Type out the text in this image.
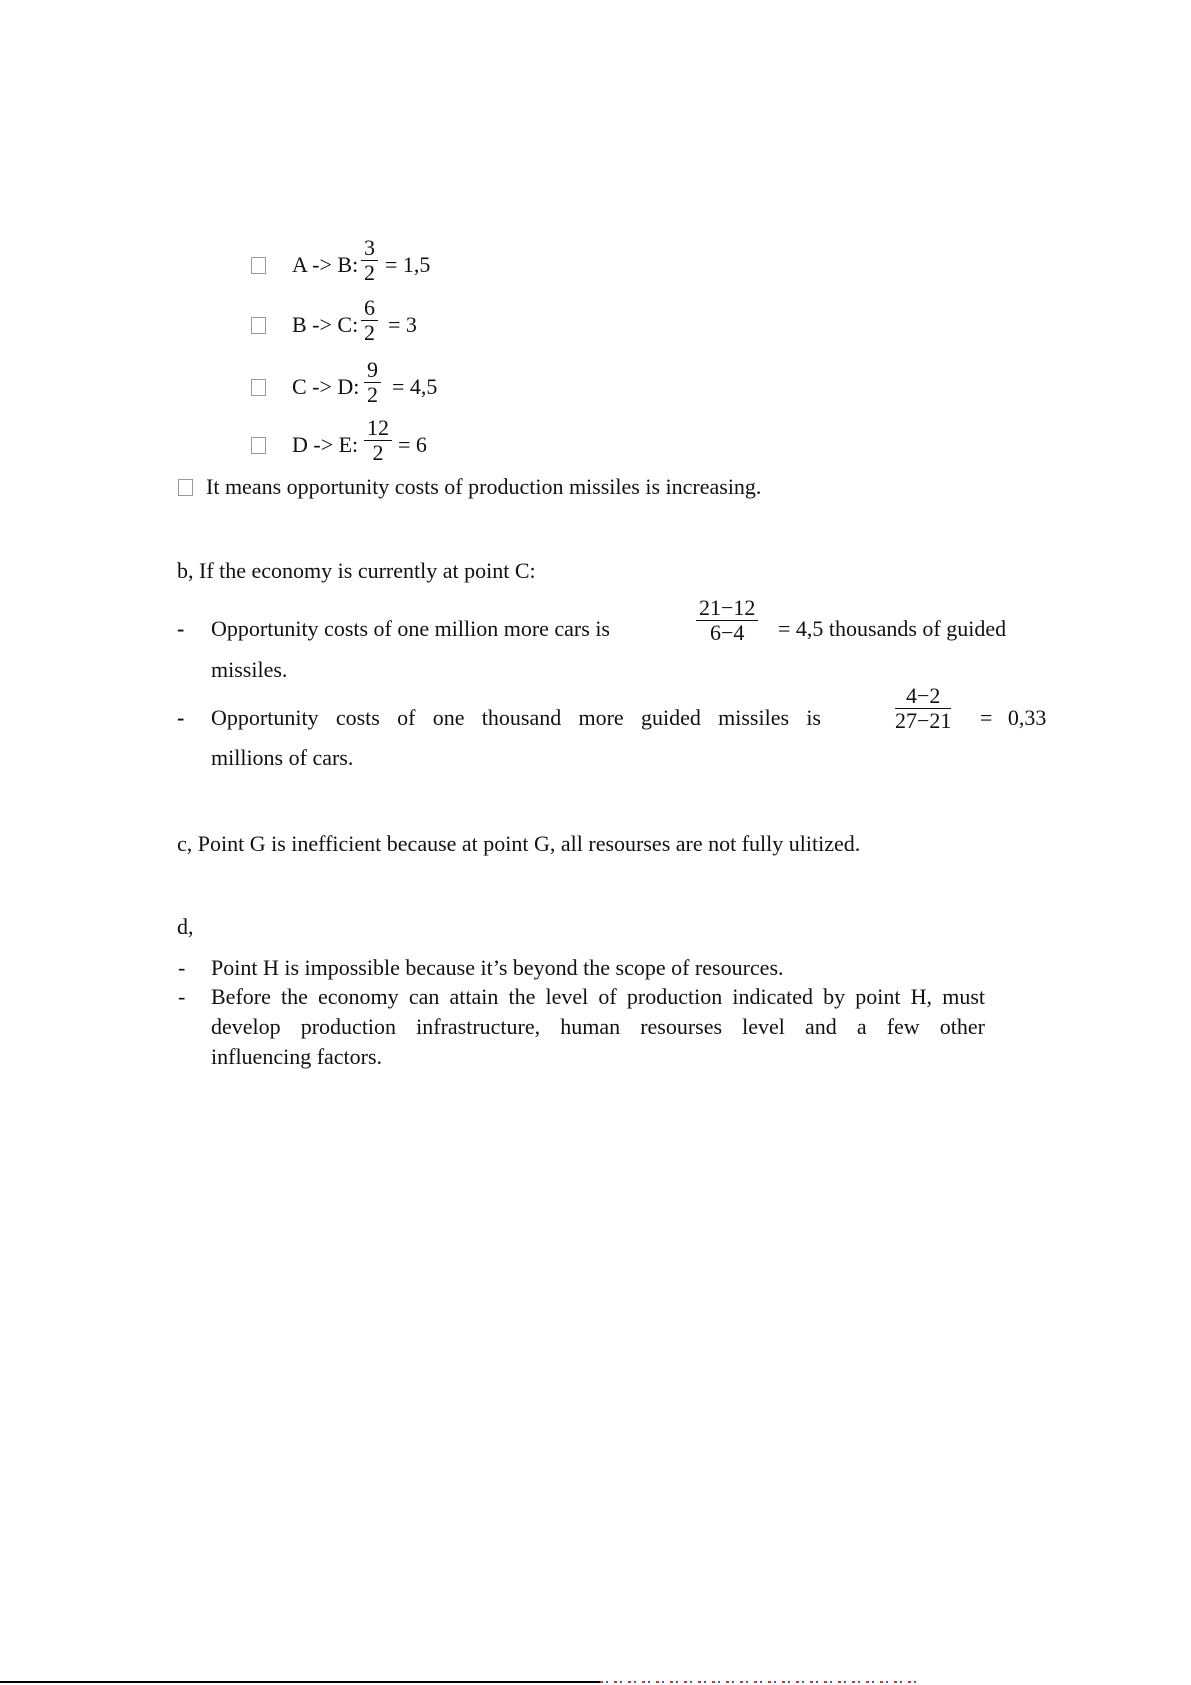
A -> B: $\frac{3}{2} = 1,5$
B -> C: $\frac{6}{2} = 3$
C -> D: $\frac{9}{2} = 4,5$
D -> E: $\frac{12}{2} = 6$
It means opportunity costs of production missiles is increasing.
b, If the economy is currently at point C:
- Opportunity costs of one million more cars is	$\frac{21-12}{6-4} = 4,5$ thousands of guided
missiles.
- Opportunity costs of one thousand more guided missiles is	$\frac{4-2}{27-21} = 0,33$
millions of cars.
c, Point G is inefficient because at point G, all resourses are not fully ulitized.
d,
- Point H is impossible because it’s beyond the scope of resources.
- Before the economy can attain the level of production indicated by point H, must
develop production infrastructure, human resourses level and a few other
influencing factors.
